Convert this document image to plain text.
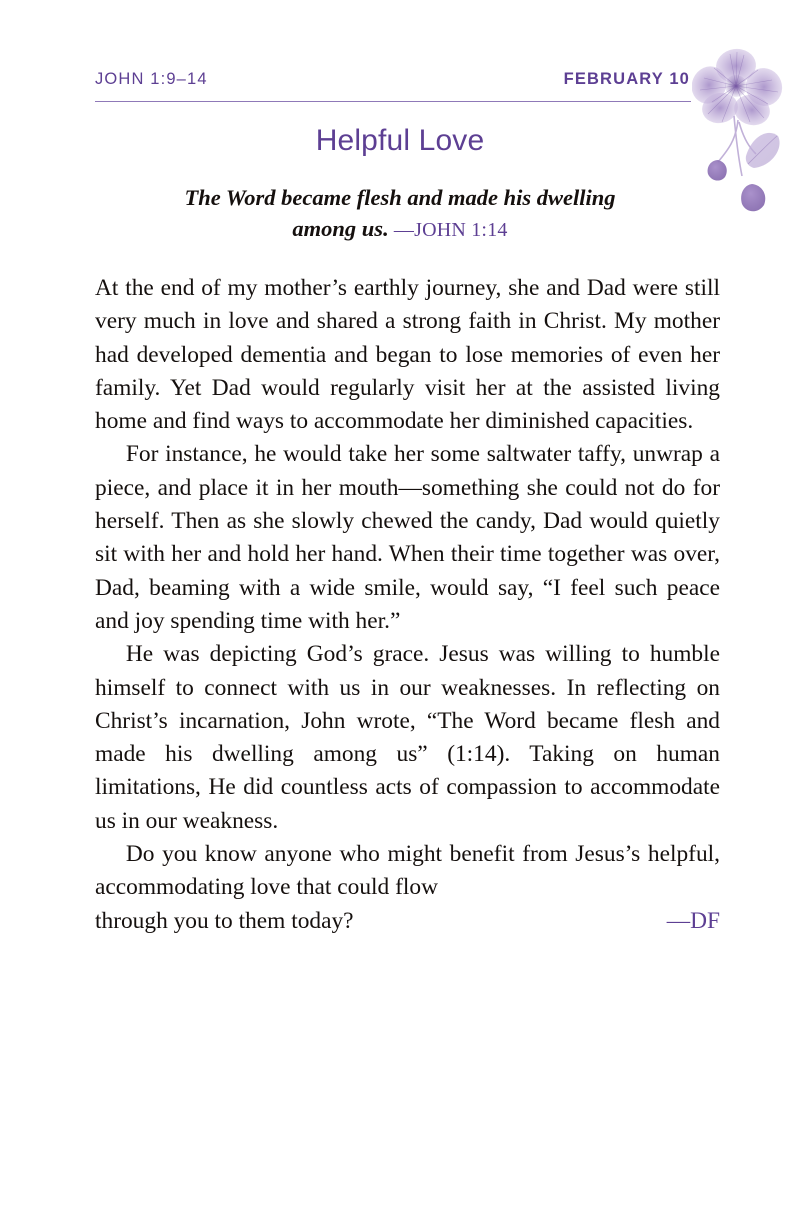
JOHN 1:9–14	FEBRUARY 10
Helpful Love
The Word became flesh and made his dwelling among us. —JOHN 1:14

At the end of my mother’s earthly journey, she and Dad were still very much in love and shared a strong faith in Christ. My mother had developed dementia and began to lose memories of even her family. Yet Dad would regularly visit her at the assisted living home and find ways to accommodate her diminished capacities.

For instance, he would take her some saltwater taffy, unwrap a piece, and place it in her mouth—something she could not do for herself. Then as she slowly chewed the candy, Dad would quietly sit with her and hold her hand. When their time together was over, Dad, beaming with a wide smile, would say, “I feel such peace and joy spending time with her.”

He was depicting God’s grace. Jesus was willing to humble himself to connect with us in our weaknesses. In reflecting on Christ’s incarnation, John wrote, “The Word became flesh and made his dwelling among us” (1:14). Taking on human limitations, He did countless acts of compassion to accommodate us in our weakness.

Do you know anyone who might benefit from Jesus’s helpful, accommodating love that could flow

through you to them today?	—DF
